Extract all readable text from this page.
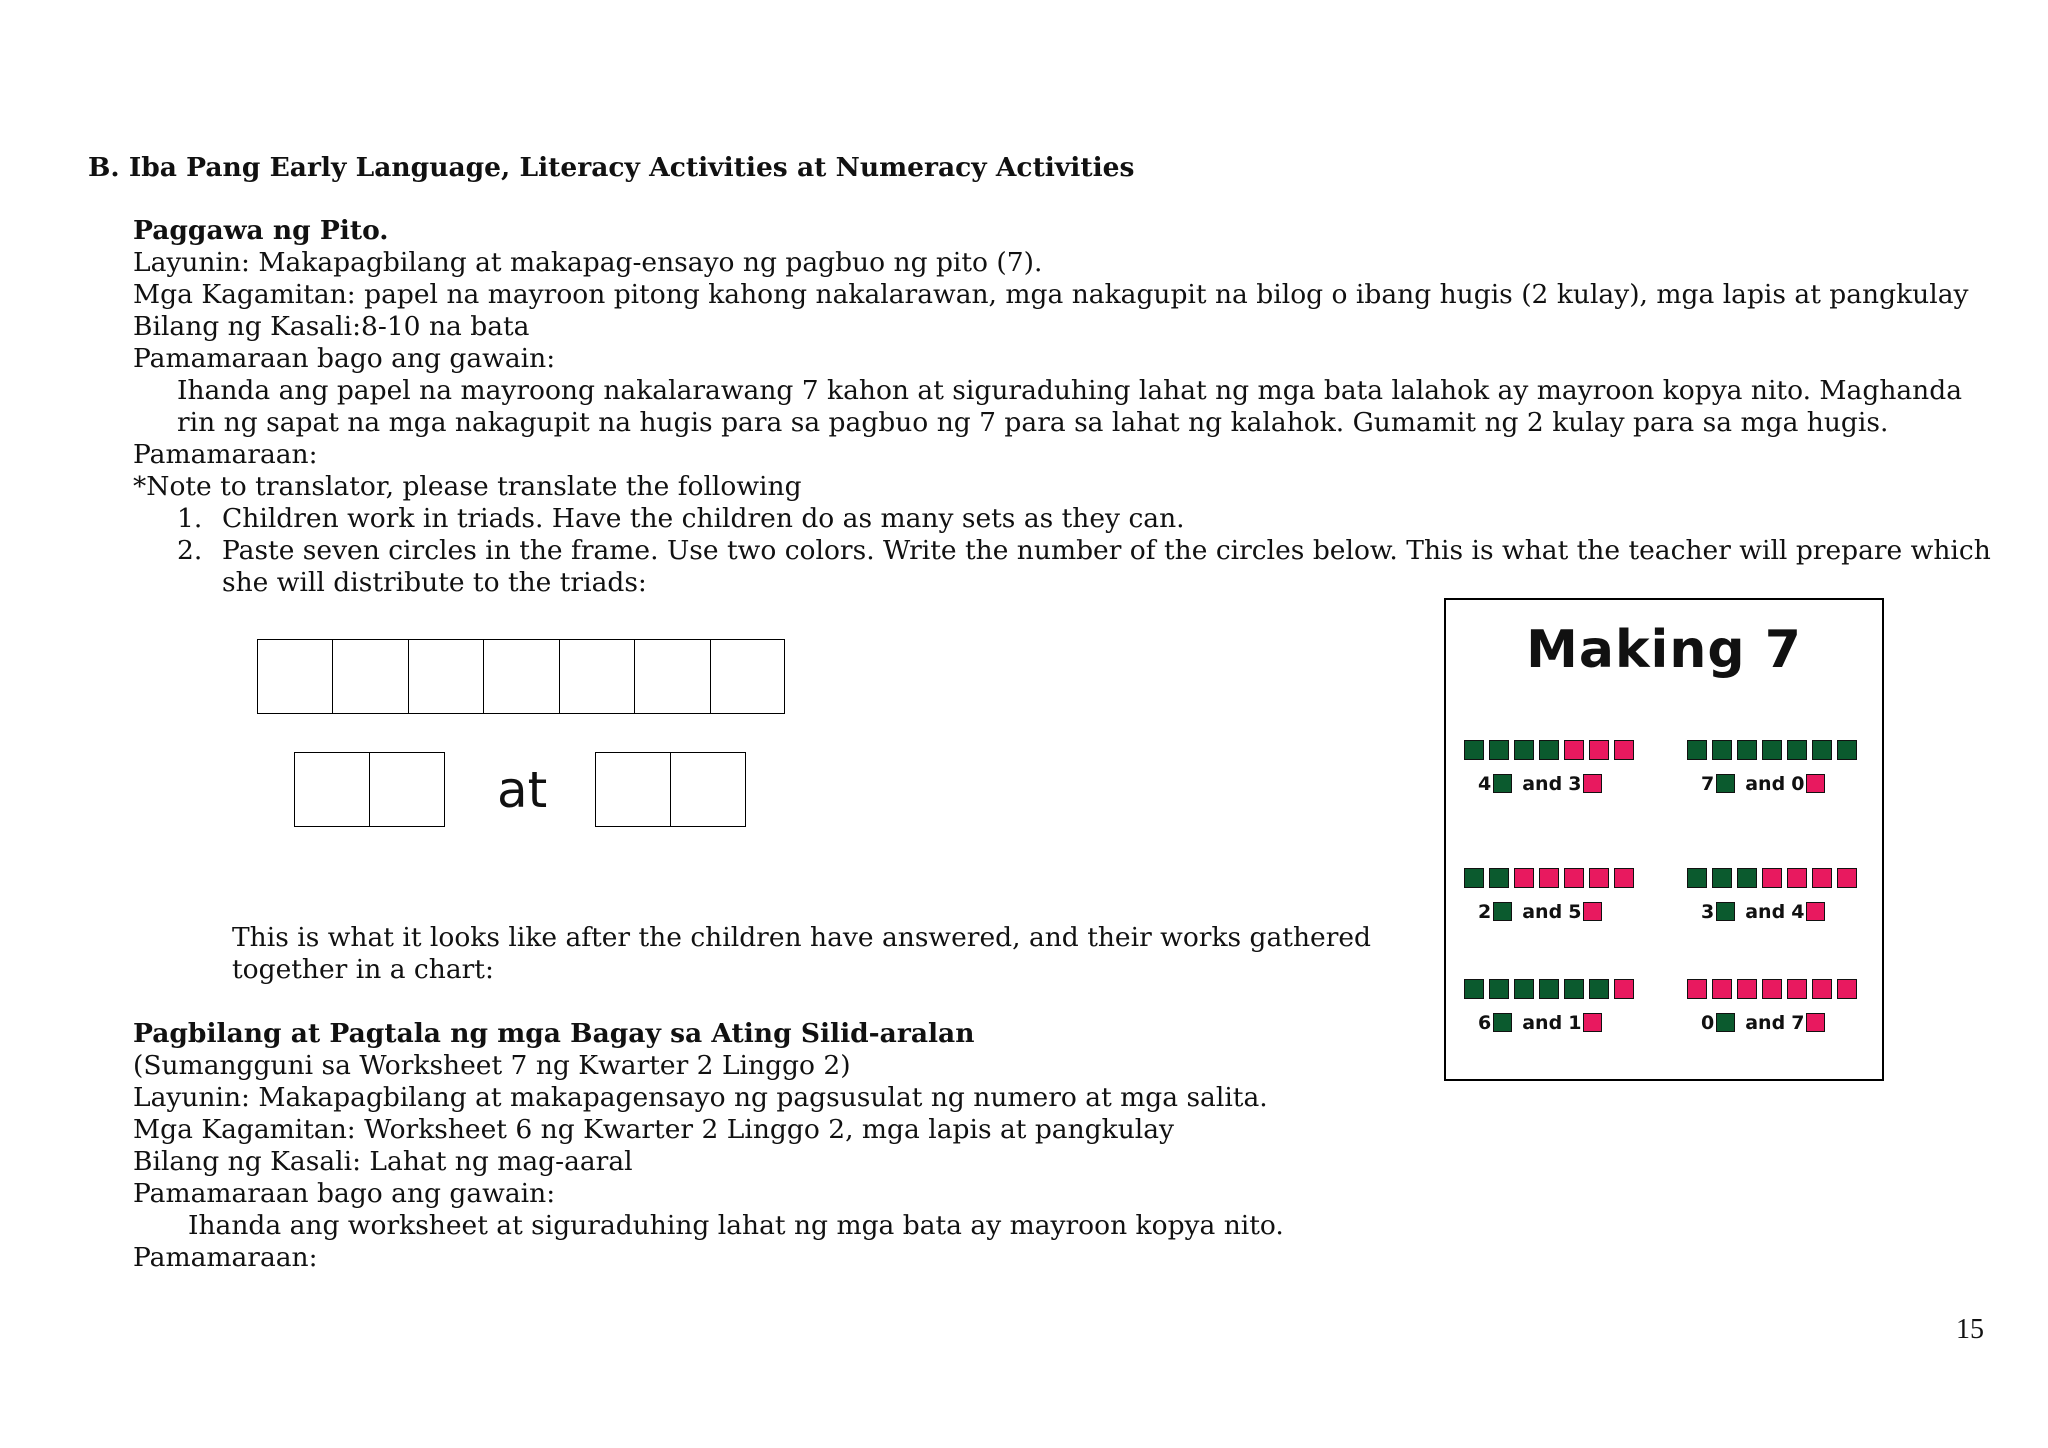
B. Iba Pang Early Language, Literacy Activities at Numeracy Activities
Paggawa ng Pito.
Layunin: Makapagbilang at makapag-ensayo ng pagbuo ng pito (7).
Mga Kagamitan: papel na mayroon pitong kahong nakalarawan, mga nakagupit na bilog o ibang hugis (2 kulay), mga lapis at pangkulay
Bilang ng Kasali:8-10 na bata
Pamamaraan bago ang gawain:
Ihanda ang papel na mayroong nakalarawang 7 kahon at siguraduhing lahat ng mga bata lalahok ay mayroon kopya nito. Maghanda
rin ng sapat na mga nakagupit na hugis para sa pagbuo ng 7 para sa lahat ng kalahok. Gumamit ng 2 kulay para sa mga hugis.
Pamamaraan:
*Note to translator, please translate the following
1. Children work in triads. Have the children do as many sets as they can.
2. Paste seven circles in the frame. Use two colors. Write the number of the circles below. This is what the teacher will prepare which
she will distribute to the triads:
at
This is what it looks like after the children have answered, and their works gathered
together in a chart:
Pagbilang at Pagtala ng mga Bagay sa Ating Silid-aralan
(Sumangguni sa Worksheet 7 ng Kwarter 2 Linggo 2)
Layunin: Makapagbilang at makapagensayo ng pagsusulat ng numero at mga salita.
Mga Kagamitan: Worksheet 6 ng Kwarter 2 Linggo 2, mga lapis at pangkulay
Bilang ng Kasali: Lahat ng mag-aaral
Pamamaraan bago ang gawain:
Ihanda ang worksheet at siguraduhing lahat ng mga bata ay mayroon kopya nito.
Pamamaraan:
Making 7
4 and 3	7 and 0
2 and 5	3 and 4
6 and 1	0 and 7
15
